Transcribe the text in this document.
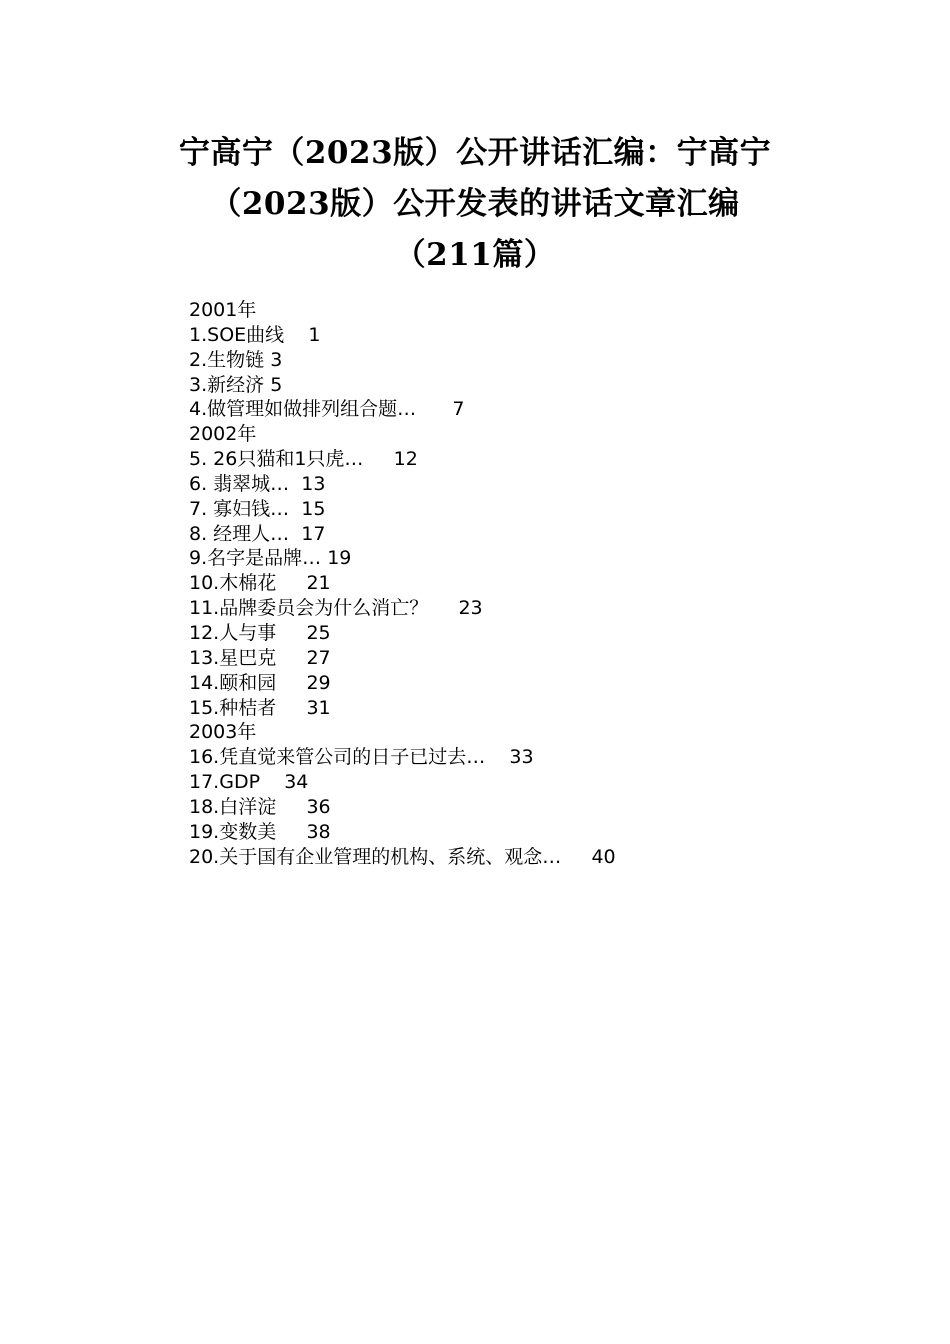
宁高宁（2023版）公开讲话汇编：宁高宁（2023版）公开发表的讲话文章汇编（211篇）
2001年
1.SOE曲线 1
2.生物链 3
3.新经济 5
4.做管理如做排列组合题… 7
2002年
5. 26只猫和1只虎… 12
6. 翡翠城… 13
7. 寡妇钱… 15
8. 经理人… 17
9.名字是品牌… 19
10.木棉花 21
11.品牌委员会为什么消亡？ 23
12.人与事 25
13.星巴克 27
14.颐和园 29
15.种桔者 31
2003年
16.凭直觉来管公司的日子已过去… 33
17.GDP 34
18.白洋淀 36
19.变数美 38
20.关于国有企业管理的机构、系统、观念… 40
